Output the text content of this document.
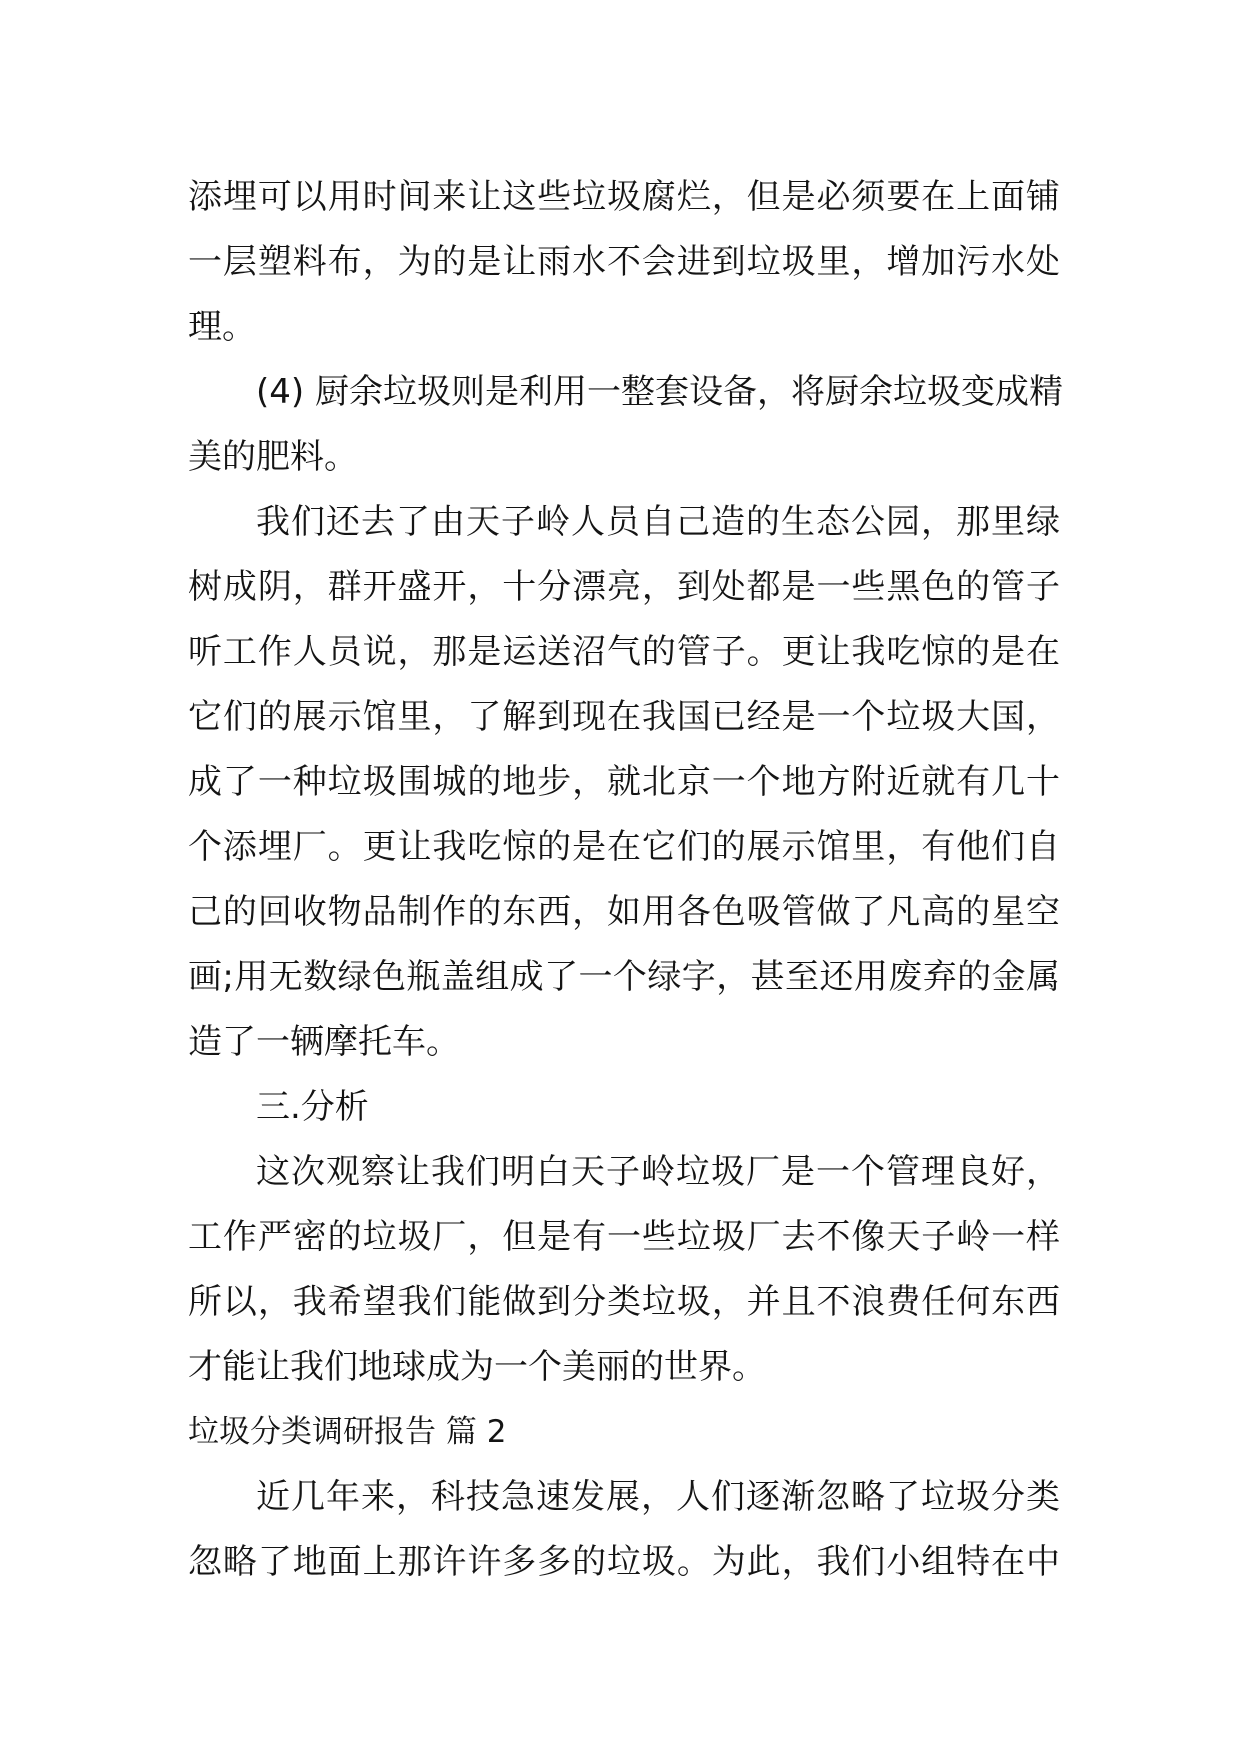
添埋可以用时间来让这些垃圾腐烂，但是必须要在上面铺
一层塑料布，为的是让雨水不会进到垃圾里，增加污水处
理。
(4) 厨余垃圾则是利用一整套设备，将厨余垃圾变成精
美的肥料。
我们还去了由天子岭人员自己造的生态公园，那里绿
树成阴，群开盛开，十分漂亮，到处都是一些黑色的管子
听工作人员说，那是运送沼气的管子。更让我吃惊的是在
它们的展示馆里，了解到现在我国已经是一个垃圾大国，
成了一种垃圾围城的地步，就北京一个地方附近就有几十
个添埋厂。更让我吃惊的是在它们的展示馆里，有他们自
己的回收物品制作的东西，如用各色吸管做了凡高的星空
画;用无数绿色瓶盖组成了一个绿字，甚至还用废弃的金属
造了一辆摩托车。
三.分析
这次观察让我们明白天子岭垃圾厂是一个管理良好，
工作严密的垃圾厂，但是有一些垃圾厂去不像天子岭一样
所以，我希望我们能做到分类垃圾，并且不浪费任何东西
才能让我们地球成为一个美丽的世界。
垃圾分类调研报告 篇 2
近几年来，科技急速发展，人们逐渐忽略了垃圾分类
忽略了地面上那许许多多的垃圾。为此，我们小组特在中
